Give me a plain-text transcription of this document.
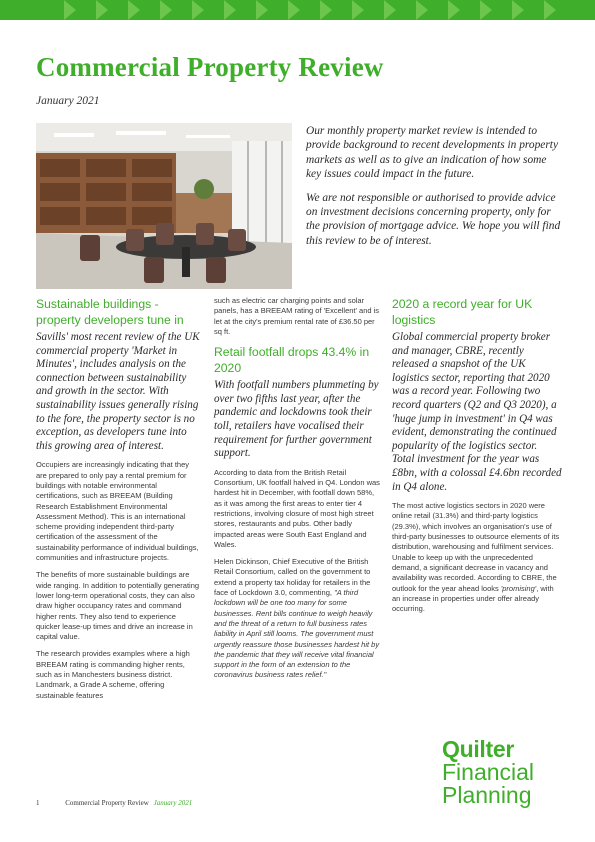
Commercial Property Review
January 2021

Our monthly property market review is intended to provide background to recent developments in property markets as well as to give an indication of how some key issues could impact in the future.

We are not responsible or authorised to provide advice on investment decisions concerning property, only for the provision of mortgage advice. We hope you will find this review to be of interest.

Sustainable buildings - property developers tune in

Savills' most recent review of the UK commercial property 'Market in Minutes', includes analysis on the connection between sustainability and growth in the sector. With sustainability issues generally rising to the fore, the property sector is no exception, as developers tune into this growing area of interest.

Occupiers are increasingly indicating that they are prepared to only pay a rental premium for buildings with notable environmental certifications, such as BREEAM (Building Research Establishment Environmental Assessment Method). This is an international scheme providing independent third-party certification of the assessment of the sustainability performance of individual buildings, communities and infrastructure projects.

The benefits of more sustainable buildings are wide ranging. In addition to potentially generating lower long-term operational costs, they can also draw higher occupancy rates and command higher rents. They also tend to experience quicker lease-up times and drive an increase in capital value.

The research provides examples where a high BREEAM rating is commanding higher rents, such as in Manchesters business district. Landmark, a Grade A scheme, offering sustainable features

such as electric car charging points and solar panels, has a BREEAM rating of 'Excellent' and is let at the city's premium rental rate of £36.50 per sq ft.

Retail footfall drops 43.4% in 2020

With footfall numbers plummeting by over two fifths last year, after the pandemic and lockdowns took their toll, retailers have vocalised their requirement for further government support.

According to data from the British Retail Consortium, UK footfall halved in Q4. London was hardest hit in December, with footfall down 58%, as it was among the first areas to enter tier 4 restrictions, involving closure of most high street stores, restaurants and pubs. Other badly impacted areas were South East England and Wales.

Helen Dickinson, Chief Executive of the British Retail Consortium, called on the government to extend a property tax holiday for retailers in the face of Lockdown 3.0, commenting, "A third lockdown will be one too many for some businesses. Rent bills continue to weigh heavily and the threat of a return to full business rates liability in April still looms. The government must urgently reassure those businesses hardest hit by the pandemic that they will receive vital financial support in the form of an extension to the coronavirus business rates relief."

2020 a record year for UK logistics

Global commercial property broker and manager, CBRE, recently released a snapshot of the UK logistics sector, reporting that 2020 was a record year. Following two record quarters (Q2 and Q3 2020), a 'huge jump in investment' in Q4 was evident, demonstrating the continued popularity of the logistics sector. Total investment for the year was £8bn, with a colossal £4.6bn recorded in Q4 alone.

The most active logistics sectors in 2020 were online retail (31.3%) and third-party logistics (29.3%), which involves an organisation's use of third-party businesses to outsource elements of its distribution, warehousing and fulfilment services. Unable to keep up with the unprecedented demand, a significant decrease in vacancy and availability was recorded. According to CBRE, the outlook for the year ahead looks 'promising', with an increase in properties under offer already occurring.

Quilter
Financial
Planning
1	Commercial Property Review January 2021
